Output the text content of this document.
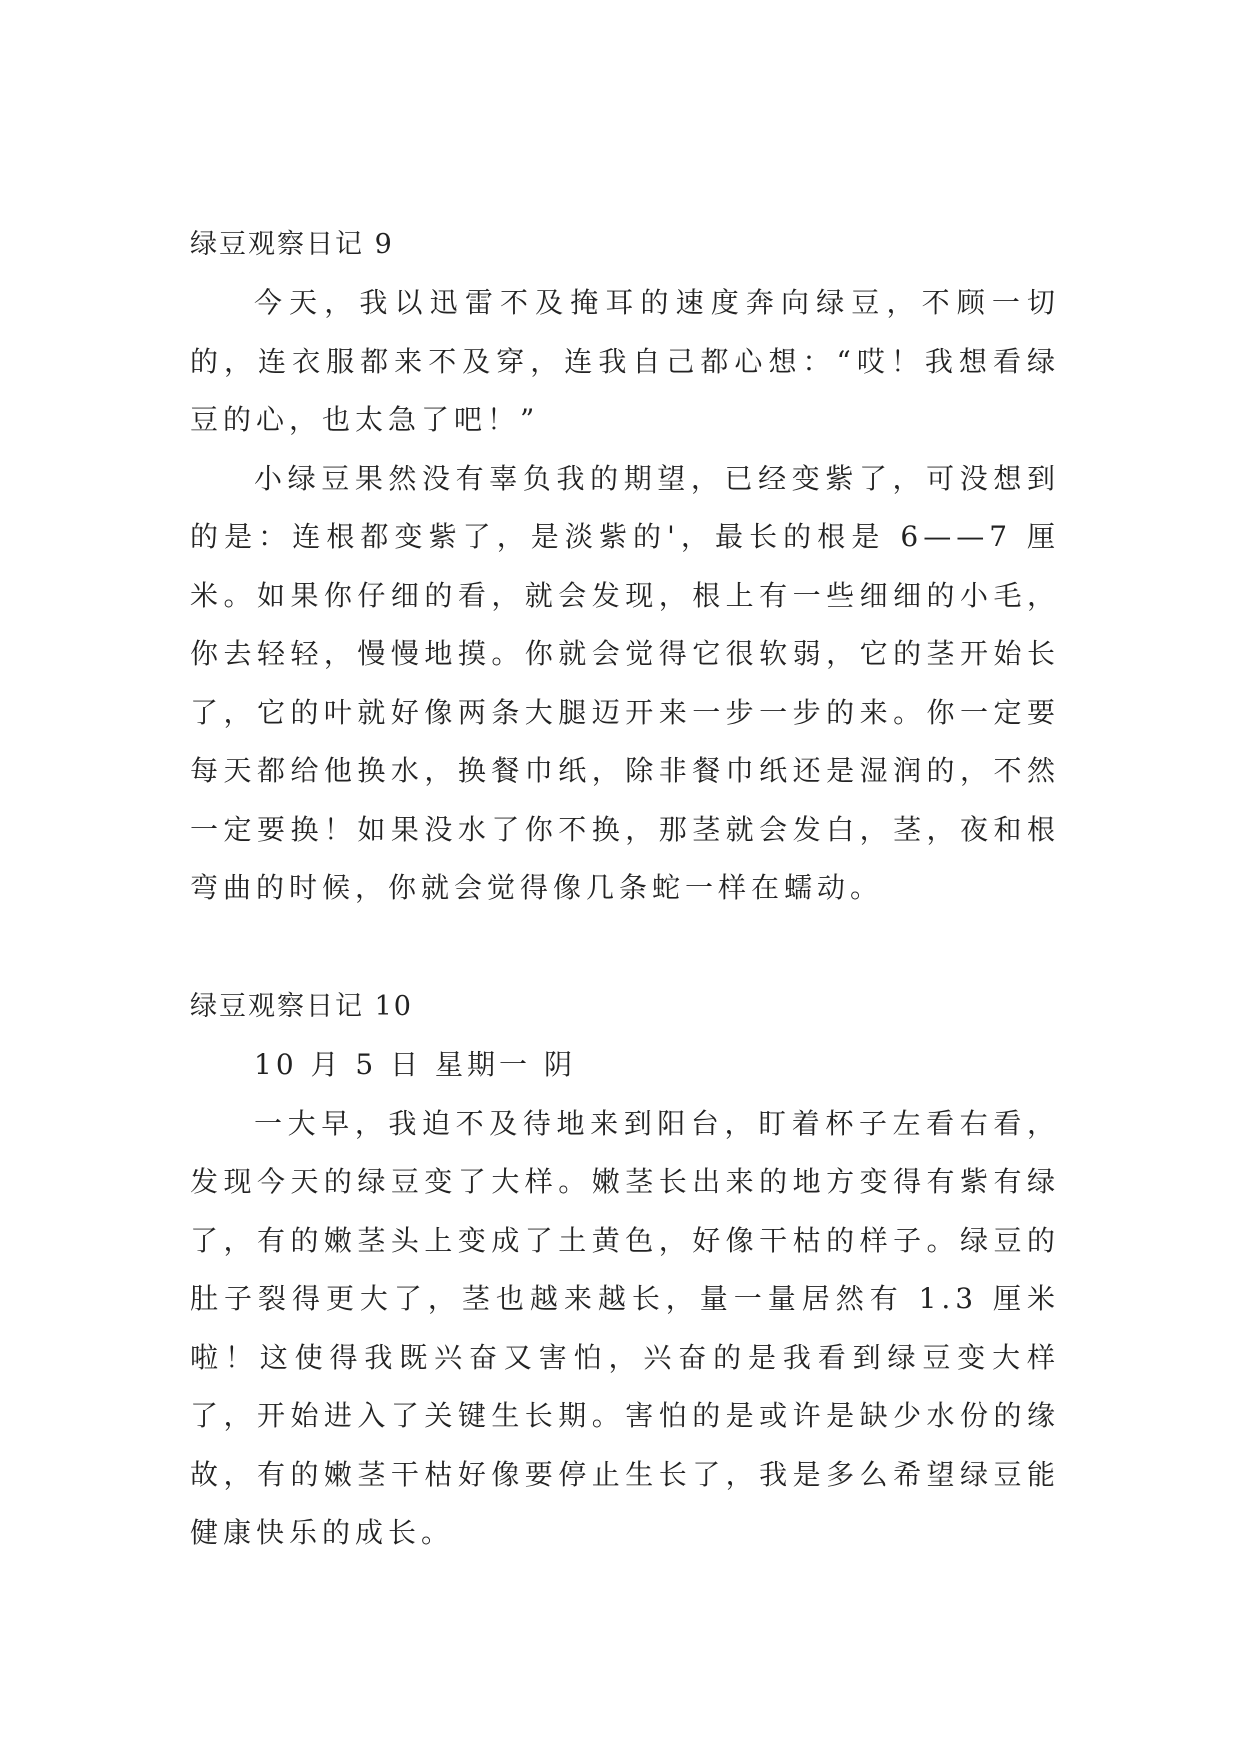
绿豆观察日记 9

今天，我以迅雷不及掩耳的速度奔向绿豆，不顾一切的，连衣服都来不及穿，连我自己都心想：“哎！我想看绿豆的心，也太急了吧！”

小绿豆果然没有辜负我的期望，已经变紫了，可没想到的是：连根都变紫了，是淡紫的'，最长的根是 6——7 厘米。如果你仔细的看，就会发现，根上有一些细细的小毛，你去轻轻，慢慢地摸。你就会觉得它很软弱，它的茎开始长了，它的叶就好像两条大腿迈开来一步一步的来。你一定要每天都给他换水，换餐巾纸，除非餐巾纸还是湿润的，不然一定要换！如果没水了你不换，那茎就会发白，茎，夜和根弯曲的时候，你就会觉得像几条蛇一样在蠕动。

绿豆观察日记 10

10 月 5 日 星期一 阴

一大早，我迫不及待地来到阳台，盯着杯子左看右看，发现今天的绿豆变了大样。嫩茎长出来的地方变得有紫有绿了，有的嫩茎头上变成了土黄色，好像干枯的样子。绿豆的肚子裂得更大了，茎也越来越长，量一量居然有 1.3 厘米啦！这使得我既兴奋又害怕，兴奋的是我看到绿豆变大样了，开始进入了关键生长期。害怕的是或许是缺少水份的缘故，有的嫩茎干枯好像要停止生长了，我是多么希望绿豆能健康快乐的成长。
